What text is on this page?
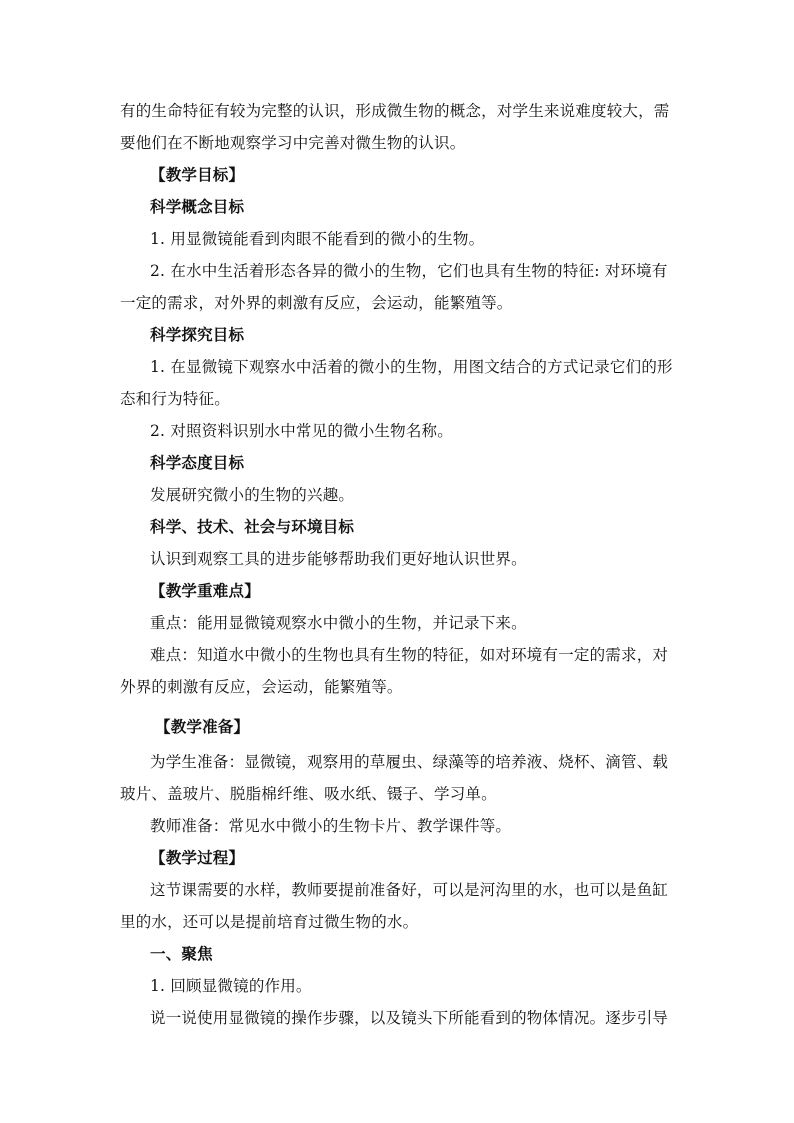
有的生命特征有较为完整的认识，形成微生物的概念，对学生来说难度较大，需
要他们在不断地观察学习中完善对微生物的认识。
【教学目标】
科学概念目标
1. 用显微镜能看到肉眼不能看到的微小的生物。
2. 在水中生活着形态各异的微小的生物，它们也具有生物的特征: 对环境有
一定的需求，对外界的刺激有反应，会运动，能繁殖等。
科学探究目标
1. 在显微镜下观察水中活着的微小的生物，用图文结合的方式记录它们的形
态和行为特征。
2. 对照资料识别水中常见的微小生物名称。
科学态度目标
发展研究微小的生物的兴趣。
科学、技术、社会与环境目标
认识到观察工具的进步能够帮助我们更好地认识世界。
【教学重难点】
重点：能用显微镜观察水中微小的生物，并记录下来。
难点：知道水中微小的生物也具有生物的特征，如对环境有一定的需求，对
外界的刺激有反应，会运动，能繁殖等。
【教学准备】
为学生准备：显微镜，观察用的草履虫、绿藻等的培养液、烧杯、滴管、载
玻片、盖玻片、脱脂棉纤维、吸水纸、镊子、学习单。
教师准备：常见水中微小的生物卡片、教学课件等。
【教学过程】
这节课需要的水样，教师要提前准备好，可以是河沟里的水，也可以是鱼缸
里的水，还可以是提前培育过微生物的水。
一、聚焦
1. 回顾显微镜的作用。
说一说使用显微镜的操作步骤，以及镜头下所能看到的物体情况。逐步引导
